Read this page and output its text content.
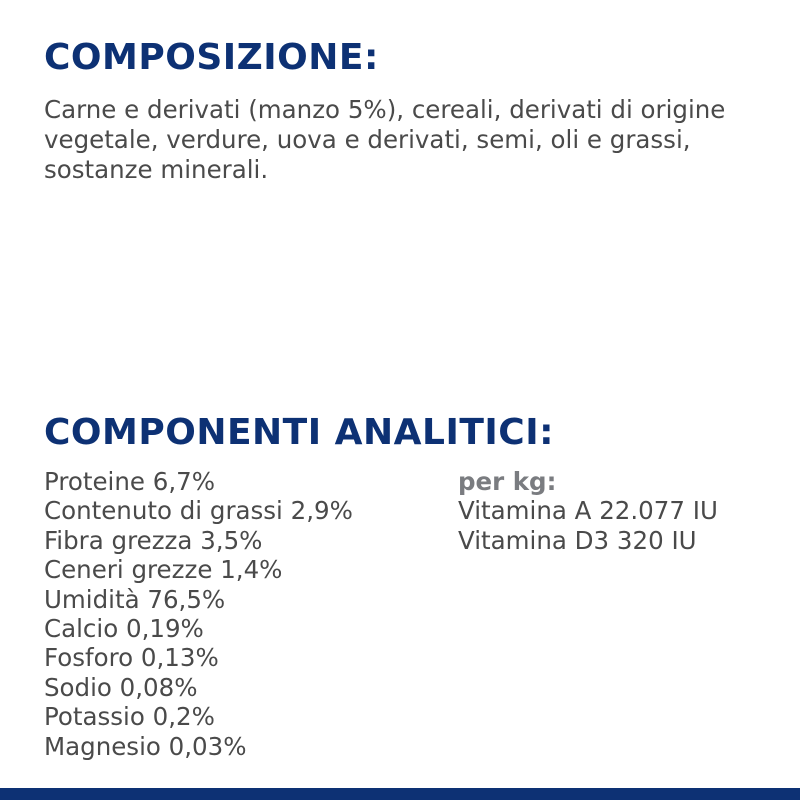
COMPOSIZIONE:

Carne e derivati (manzo 5%), cereali, derivati di origine vegetale, verdure, uova e derivati, semi, oli e grassi, sostanze minerali.

COMPONENTI ANALITICI:
Proteine 6,7%
Contenuto di grassi 2,9%
Fibra grezza 3,5%
Ceneri grezze 1,4%
Umidità 76,5%
Calcio 0,19%
Fosforo 0,13%
Sodio 0,08%
Potassio 0,2%
Magnesio 0,03%
per kg:
Vitamina A 22.077 IU
Vitamina D3 320 IU
